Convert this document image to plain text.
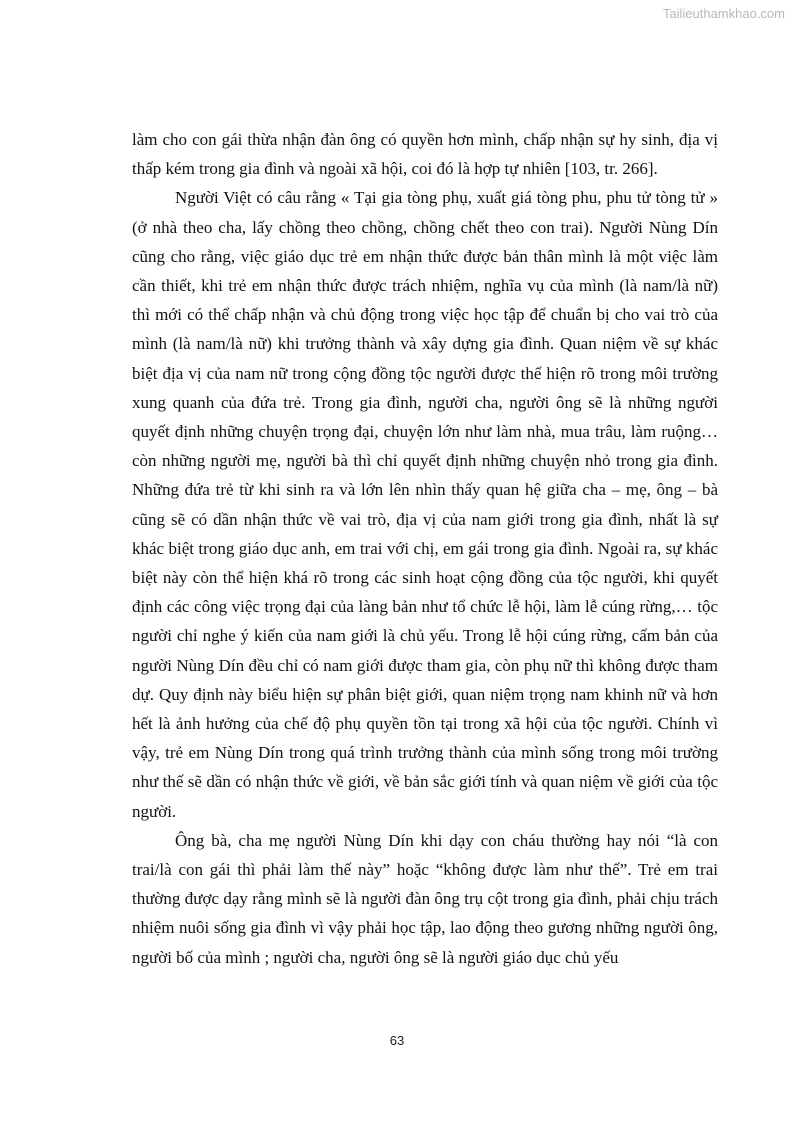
Tailieuthamkhao.com

làm cho con gái thừa nhận đàn ông có quyền hơn mình, chấp nhận sự hy sinh, địa vị thấp kém trong gia đình và ngoài xã hội, coi đó là hợp tự nhiên [103, tr. 266].

Người Việt có câu rằng « Tại gia tòng phụ, xuất giá tòng phu, phu tử tòng tử » (ở nhà theo cha, lấy chồng theo chồng, chồng chết theo con trai). Người Nùng Dín cũng cho rằng, việc giáo dục trẻ em nhận thức được bản thân mình là một việc làm cần thiết, khi trẻ em nhận thức được trách nhiệm, nghĩa vụ của mình (là nam/là nữ) thì mới có thể chấp nhận và chủ động trong việc học tập để chuẩn bị cho vai trò của mình (là nam/là nữ) khi trưởng thành và xây dựng gia đình. Quan niệm về sự khác biệt địa vị của nam nữ trong cộng đồng tộc người được thể hiện rõ trong môi trường xung quanh của đứa trẻ. Trong gia đình, người cha, người ông sẽ là những người quyết định những chuyện trọng đại, chuyện lớn như làm nhà, mua trâu, làm ruộng… còn những người mẹ, người bà thì chỉ quyết định những chuyện nhỏ trong gia đình. Những đứa trẻ từ khi sinh ra và lớn lên nhìn thấy quan hệ giữa cha – mẹ, ông – bà cũng sẽ có dần nhận thức về vai trò, địa vị của nam giới trong gia đình, nhất là sự khác biệt trong giáo dục anh, em trai với chị, em gái trong gia đình. Ngoài ra, sự khác biệt này còn thể hiện khá rõ trong các sinh hoạt cộng đồng của tộc người, khi quyết định các công việc trọng đại của làng bản như tổ chức lễ hội, làm lễ cúng rừng,… tộc người chỉ nghe ý kiến của nam giới là chủ yếu. Trong lễ hội cúng rừng, cấm bản của người Nùng Dín đều chỉ có nam giới được tham gia, còn phụ nữ thì không được tham dự. Quy định này biểu hiện sự phân biệt giới, quan niệm trọng nam khinh nữ và hơn hết là ảnh hưởng của chế độ phụ quyền tồn tại trong xã hội của tộc người. Chính vì vậy, trẻ em Nùng Dín trong quá trình trưởng thành của mình sống trong môi trường như thế sẽ dần có nhận thức về giới, về bản sắc giới tính và quan niệm về giới của tộc người.

Ông bà, cha mẹ người Nùng Dín khi dạy con cháu thường hay nói “là con trai/là con gái thì phải làm thế này” hoặc “không được làm như thế”. Trẻ em trai thường được dạy rằng mình sẽ là người đàn ông trụ cột trong gia đình, phải chịu trách nhiệm nuôi sống gia đình vì vậy phải học tập, lao động theo gương những người ông, người bố của mình ; người cha, người ông sẽ là người giáo dục chủ yếu

63
